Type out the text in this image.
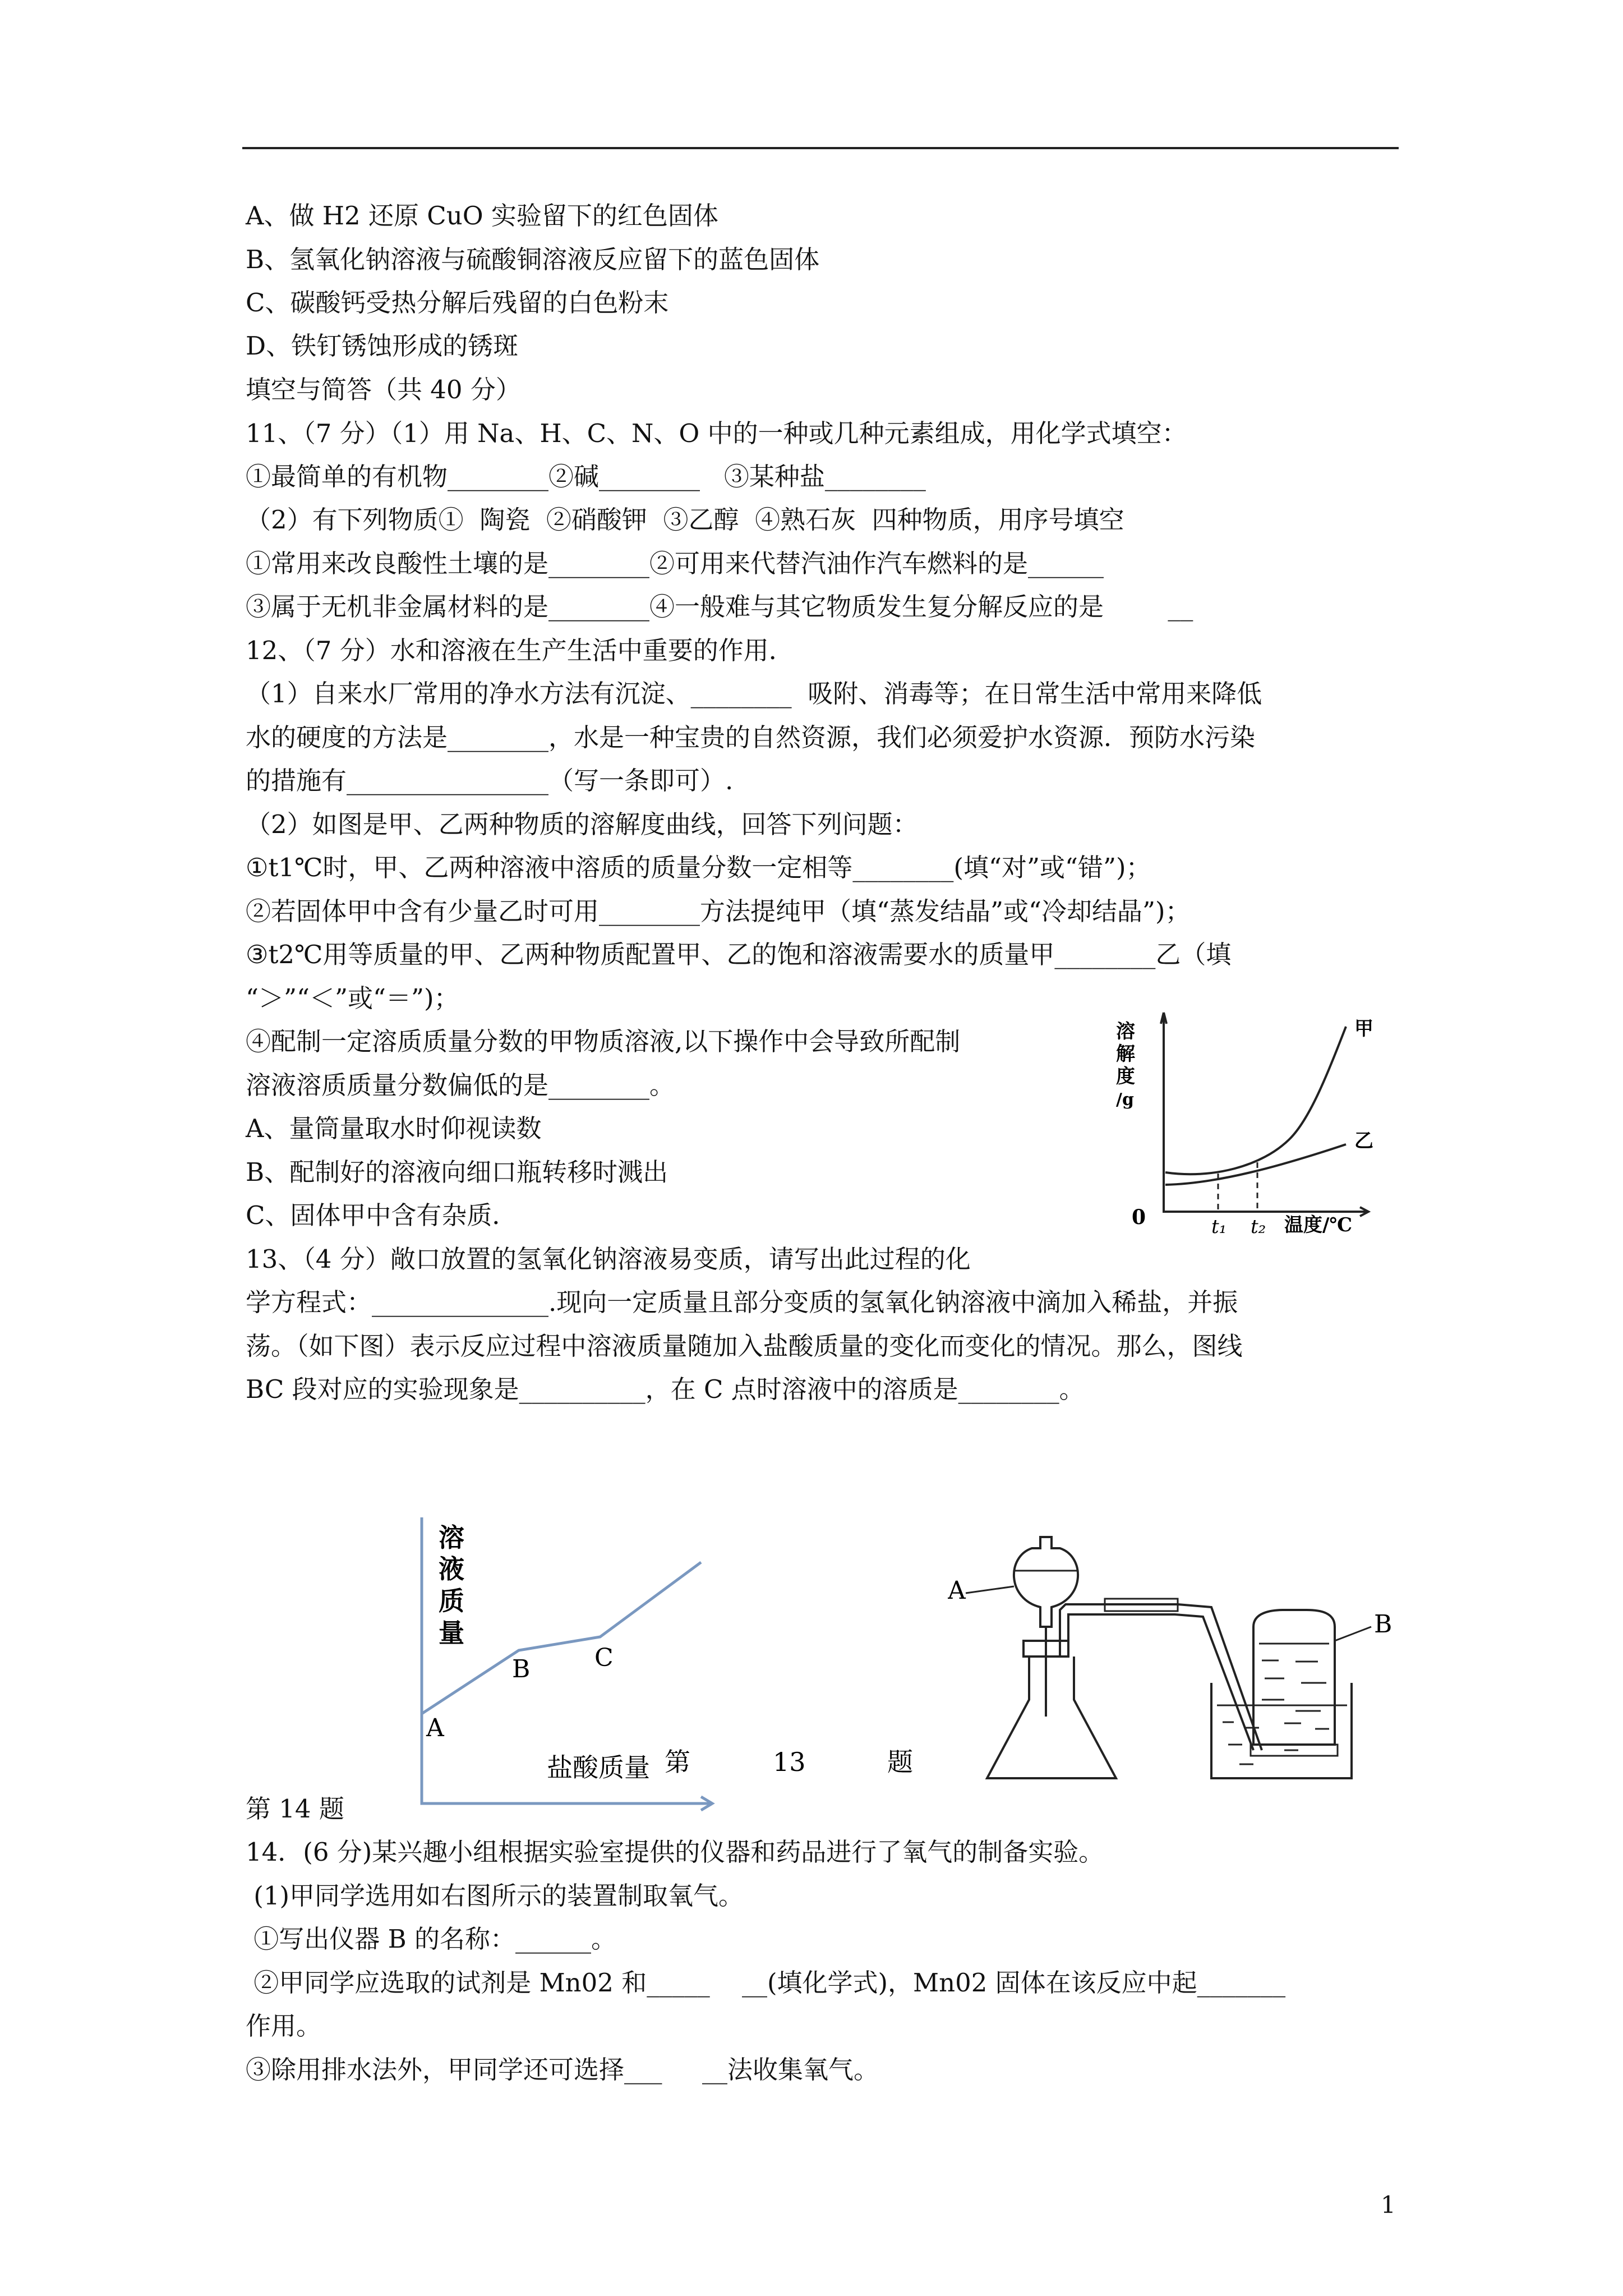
A、做 H2 还原 CuO 实验留下的红色固体
B、氢氧化钠溶液与硫酸铜溶液反应留下的蓝色固体
C、碳酸钙受热分解后残留的白色粉末
D、铁钉锈蚀形成的锈斑
填空与简答（共 40 分）
11、（7 分）（1）用 Na、H、C、N、O 中的一种或几种元素组成，用化学式填空：
①最简单的有机物________②碱________   ③某种盐________
（2）有下列物质①  陶瓷  ②硝酸钾  ③乙醇  ④熟石灰  四种物质，用序号填空
①常用来改良酸性土壤的是________②可用来代替汽油作汽车燃料的是______
③属于无机非金属材料的是________④一般难与其它物质发生复分解反应的是        __
12、（7 分）水和溶液在生产生活中重要的作用．
（1）自来水厂常用的净水方法有沉淀、________  吸附、消毒等；在日常生活中常用来降低
水的硬度的方法是________，水是一种宝贵的自然资源，我们必须爱护水资源．预防水污染
的措施有________________（写一条即可）.
（2）如图是甲、乙两种物质的溶解度曲线，回答下列问题：
①t1℃时，甲、乙两种溶液中溶质的质量分数一定相等________(填“对”或“错”)；
②若固体甲中含有少量乙时可用________方法提纯甲（填“蒸发结晶”或“冷却结晶”)；
③t2℃用等质量的甲、乙两种物质配置甲、乙的饱和溶液需要水的质量甲________乙（填
“＞”“＜”或“＝”)；
④配制一定溶质质量分数的甲物质溶液,以下操作中会导致所配制
溶液溶质质量分数偏低的是________。
A、量筒量取水时仰视读数
B、配制好的溶液向细口瓶转移时溅出
C、固体甲中含有杂质．
13、（4 分）敞口放置的氢氧化钠溶液易变质，请写出此过程的化
学方程式：______________.现向一定质量且部分变质的氢氧化钠溶液中滴加入稀盐，并振
荡。（如下图）表示反应过程中溶液质量随加入盐酸质量的变化而变化的情况。那么，图线
BC 段对应的实验现象是__________，在 C 点时溶液中的溶质是________。
第 14 题
14．(6 分)某兴趣小组根据实验室提供的仪器和药品进行了氧气的制备实验。
(1)甲同学选用如右图所示的装置制取氧气。
①写出仪器 B 的名称：______。
②甲同学应选取的试剂是 Mn02 和_____    __(填化学式)，Mn02 固体在该反应中起_______
作用。
③除用排水法外，甲同学还可选择___     __法收集氧气。
溶
解
度
/g
甲
乙
0	t₁ t₂ 温度/℃
溶
液
质
量
A
B	C
盐酸质量 第	13	题
A
B
1
